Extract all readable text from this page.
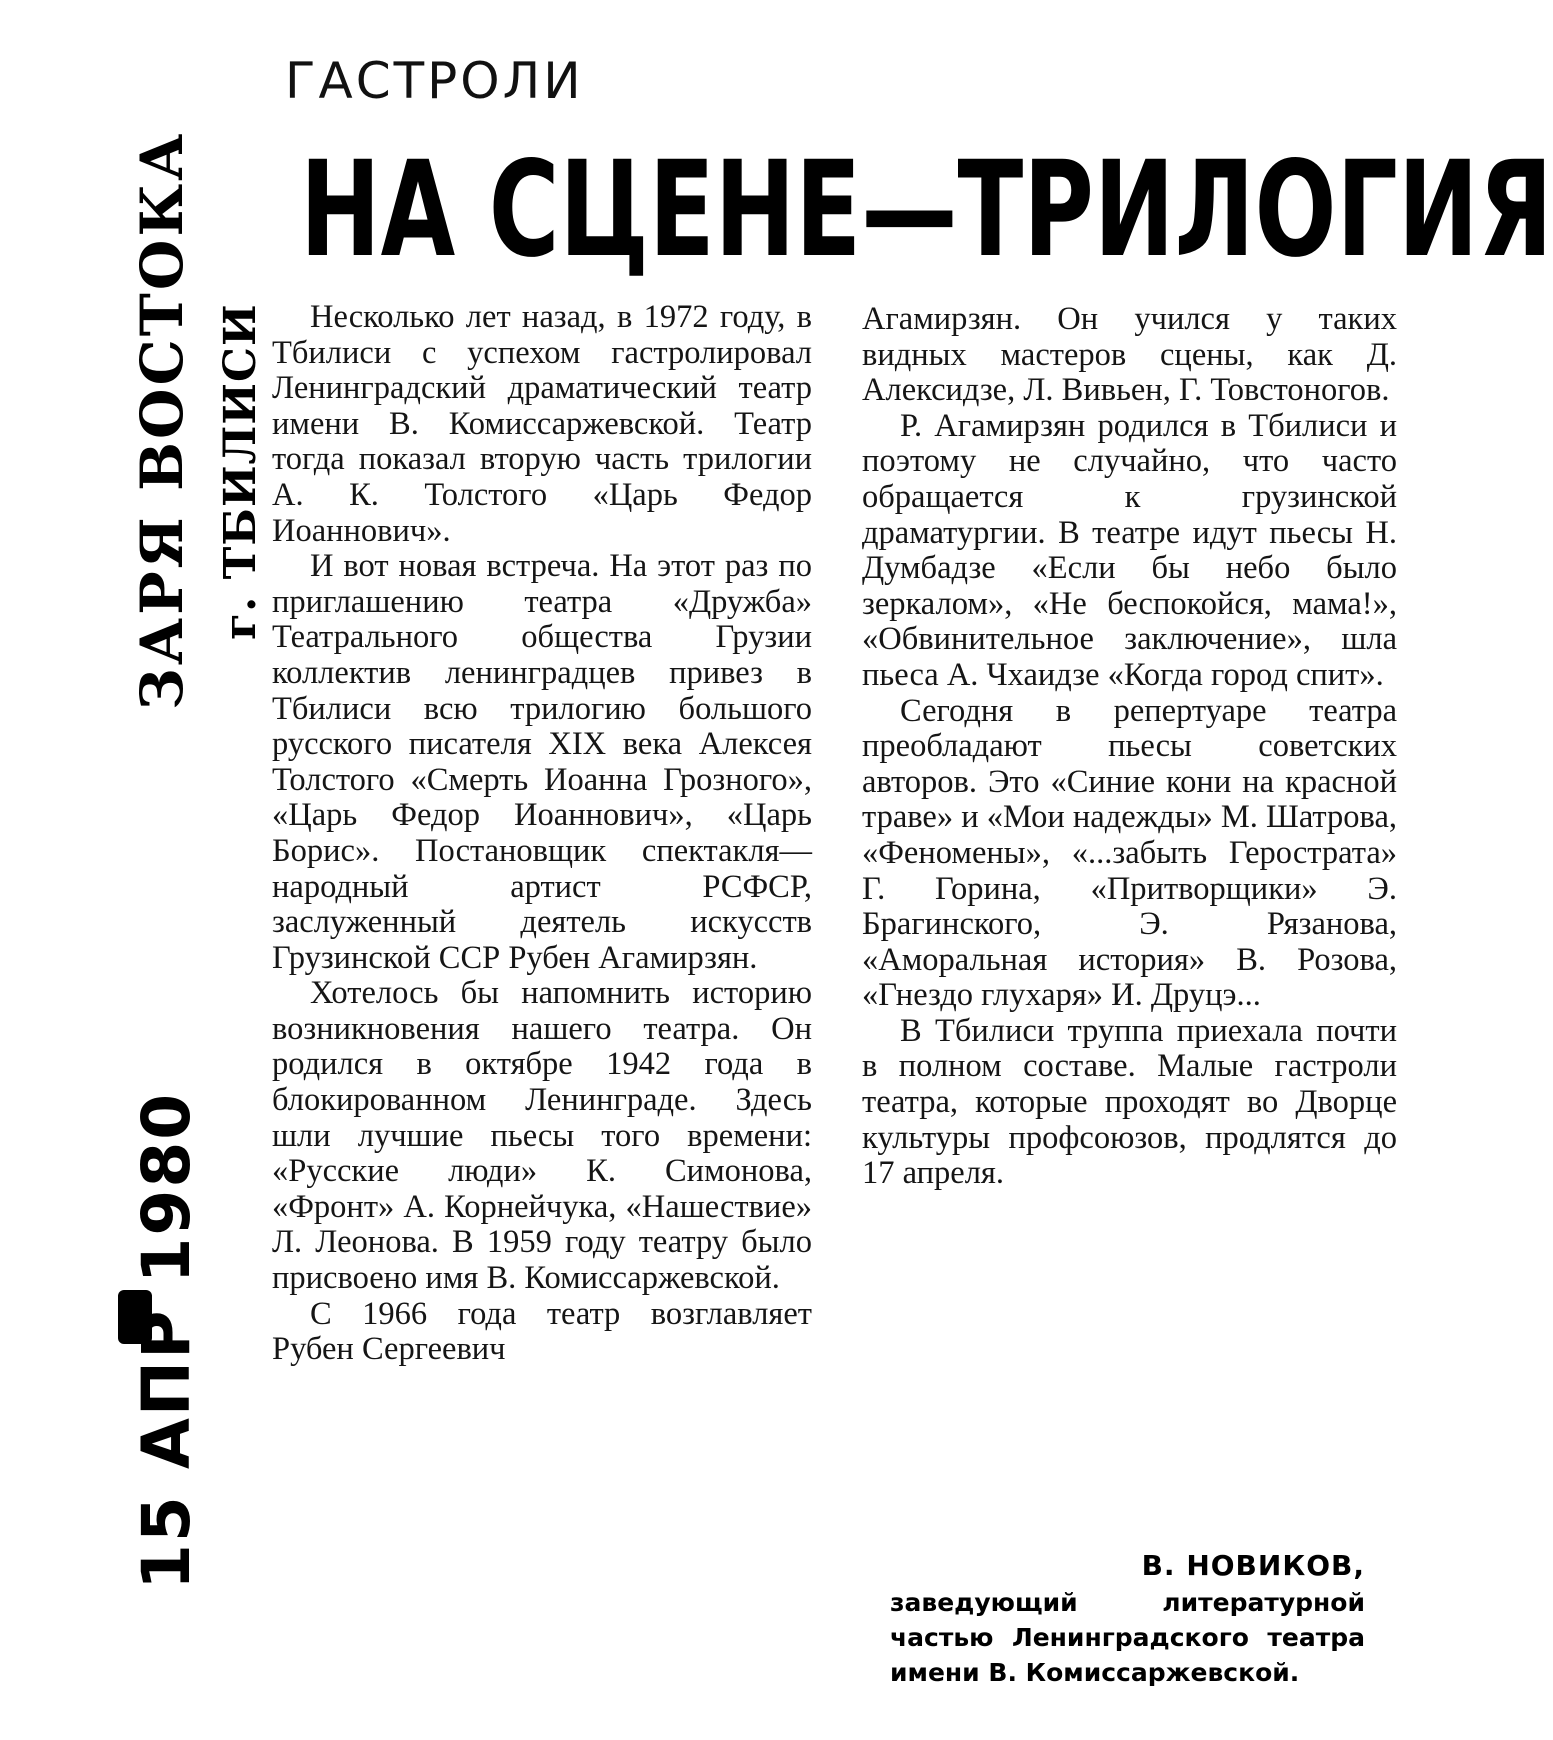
ЗАРЯ ВОСТОКА г. ТБИЛИСИ
15 АПР 1980
ГАСТРОЛИ
НА СЦЕНЕ—ТРИЛОГИЯ

Несколько лет назад, в 1972 году, в Тбилиси с успехом гастролировал Ленинградский драматический театр имени В. Комиссаржевской. Театр тогда показал вторую часть трилогии А. К. Толстого «Царь Федор Иоаннович».

И вот новая встреча. На этот раз по приглашению театра «Дружба» Театрального общества Грузии коллектив ленинградцев привез в Тбилиси всю трилогию большого русского писателя XIX века Алексея Толстого «Смерть Иоанна Грозного», «Царь Федор Иоаннович», «Царь Борис». Постановщик спектакля—народный артист РСФСР, заслуженный деятель искусств Грузинской ССР Рубен Агамирзян.

Хотелось бы напомнить историю возникновения нашего театра. Он родился в октябре 1942 года в блокированном Ленинграде. Здесь шли лучшие пьесы того времени: «Русские люди» К. Симонова, «Фронт» А. Корнейчука, «Нашествие» Л. Леонова. В 1959 году театру было присвоено имя В. Комиссаржевской.

С 1966 года театр возглавляет Рубен Сергеевич

Агамирзян. Он учился у таких видных мастеров сцены, как Д. Алексидзе, Л. Вивьен, Г. Товстоногов.

Р. Агамирзян родился в Тбилиси и поэтому не случайно, что часто обращается к грузинской драматургии. В театре идут пьесы Н. Думбадзе «Если бы небо было зеркалом», «Не беспокойся, мама!», «Обвинительное заключение», шла пьеса А. Чхаидзе «Когда город спит».

Сегодня в репертуаре театра преобладают пьесы советских авторов. Это «Синие кони на красной траве» и «Мои надежды» М. Шатрова, «Феномены», «...забыть Герострата» Г. Горина, «Притворщики» Э. Брагинского, Э. Рязанова, «Аморальная история» В. Розова, «Гнездо глухаря» И. Друцэ...

В Тбилиси труппа приехала почти в полном составе. Малые гастроли театра, которые проходят во Дворце культуры профсоюзов, продлятся до 17 апреля.

В. НОВИКОВ,
заведующий литературной частью Ленинградского театра имени В. Комиссаржевской.
